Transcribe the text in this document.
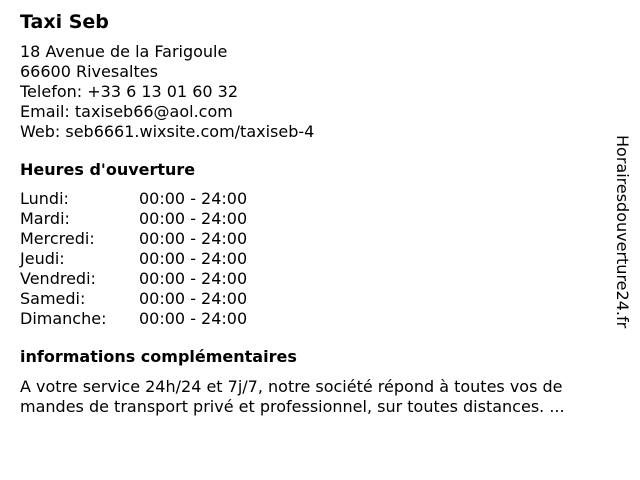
Taxi Seb
18 Avenue de la Farigoule
66600 Rivesaltes
Telefon: +33 6 13 01 60 32
Email: taxiseb66@aol.com
Web: seb6661.wixsite.com/taxiseb-4
Heures d'ouverture
Lundi:	00:00 - 24:00
Mardi:	00:00 - 24:00
Mercredi:	00:00 - 24:00
Jeudi:	00:00 - 24:00
Vendredi:	00:00 - 24:00
Samedi:	00:00 - 24:00
Dimanche:	00:00 - 24:00
informations complémentaires
A votre service 24h/24 et 7j/7, notre société répond à toutes vos de
mandes de transport privé et professionnel, sur toutes distances. ...
Horairesdouverture24.fr
